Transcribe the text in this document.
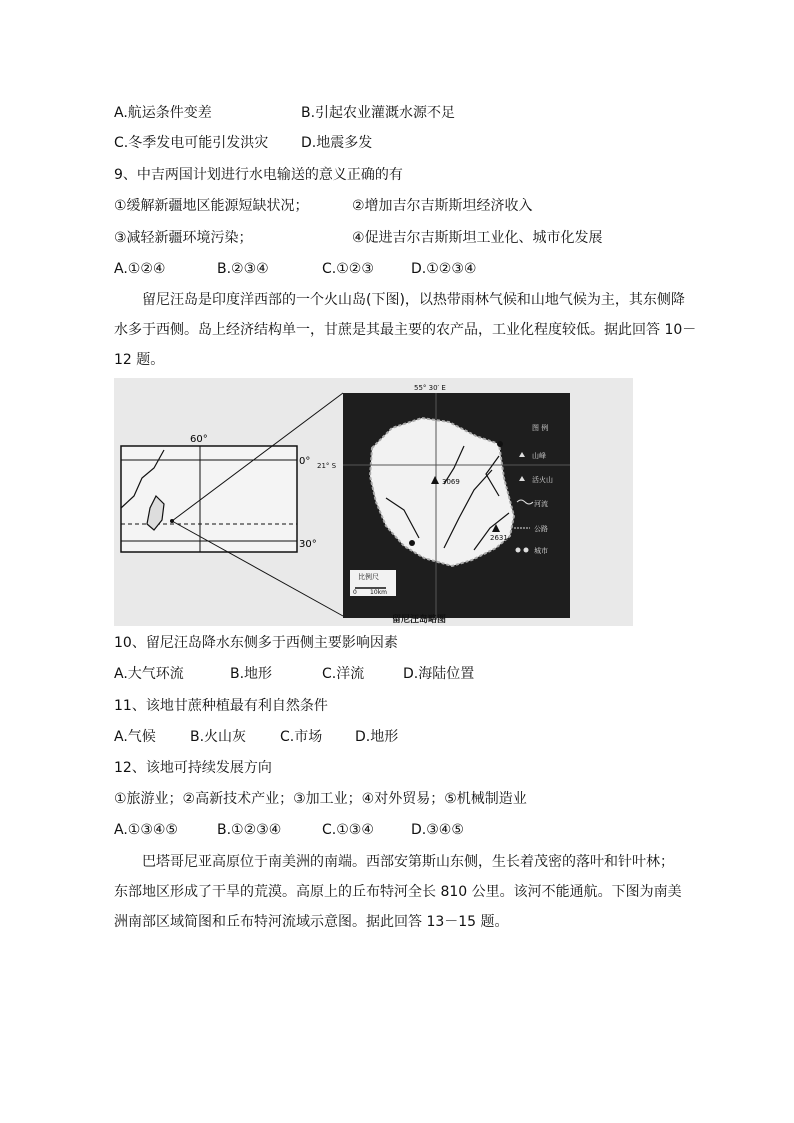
A.航运条件变差	B.引起农业灌溉水源不足
C.冬季发电可能引发洪灾 D.地震多发
9、中吉两国计划进行水电输送的意义正确的有
①缓解新疆地区能源短缺状况；	②增加吉尔吉斯斯坦经济收入
③减轻新疆环境污染；	④促进吉尔吉斯斯坦工业化、城市化发展
A.①②④	B.②③④	C.①②③	D.①②③④
留尼汪岛是印度洋西部的一个火山岛(下图)，以热带雨林气候和山地气候为主，其东侧降
水多于西侧。岛上经济结构单一，甘蔗是其最主要的农产品，工业化程度较低。据此回答 10－
12 题。
60°
0°
30°
3069
2631
55° 30′ E
21° S
比例尺
0 10km
图 例
山峰
活火山
河流
公路
城市
留尼汪岛略图
10、留尼汪岛降水东侧多于西侧主要影响因素
A.大气环流	B.地形	C.洋流	D.海陆位置
11、该地甘蔗种植最有利自然条件
A.气候 B.火山灰 C.市场 D.地形
12、该地可持续发展方向
①旅游业；②高新技术产业；③加工业；④对外贸易；⑤机械制造业
A.①③④⑤	B.①②③④	C.①③④	D.③④⑤
巴塔哥尼亚高原位于南美洲的南端。西部安第斯山东侧，生长着茂密的落叶和针叶林；
东部地区形成了干旱的荒漠。高原上的丘布特河全长 810 公里。该河不能通航。下图为南美
洲南部区域简图和丘布特河流域示意图。据此回答 13－15 题。
